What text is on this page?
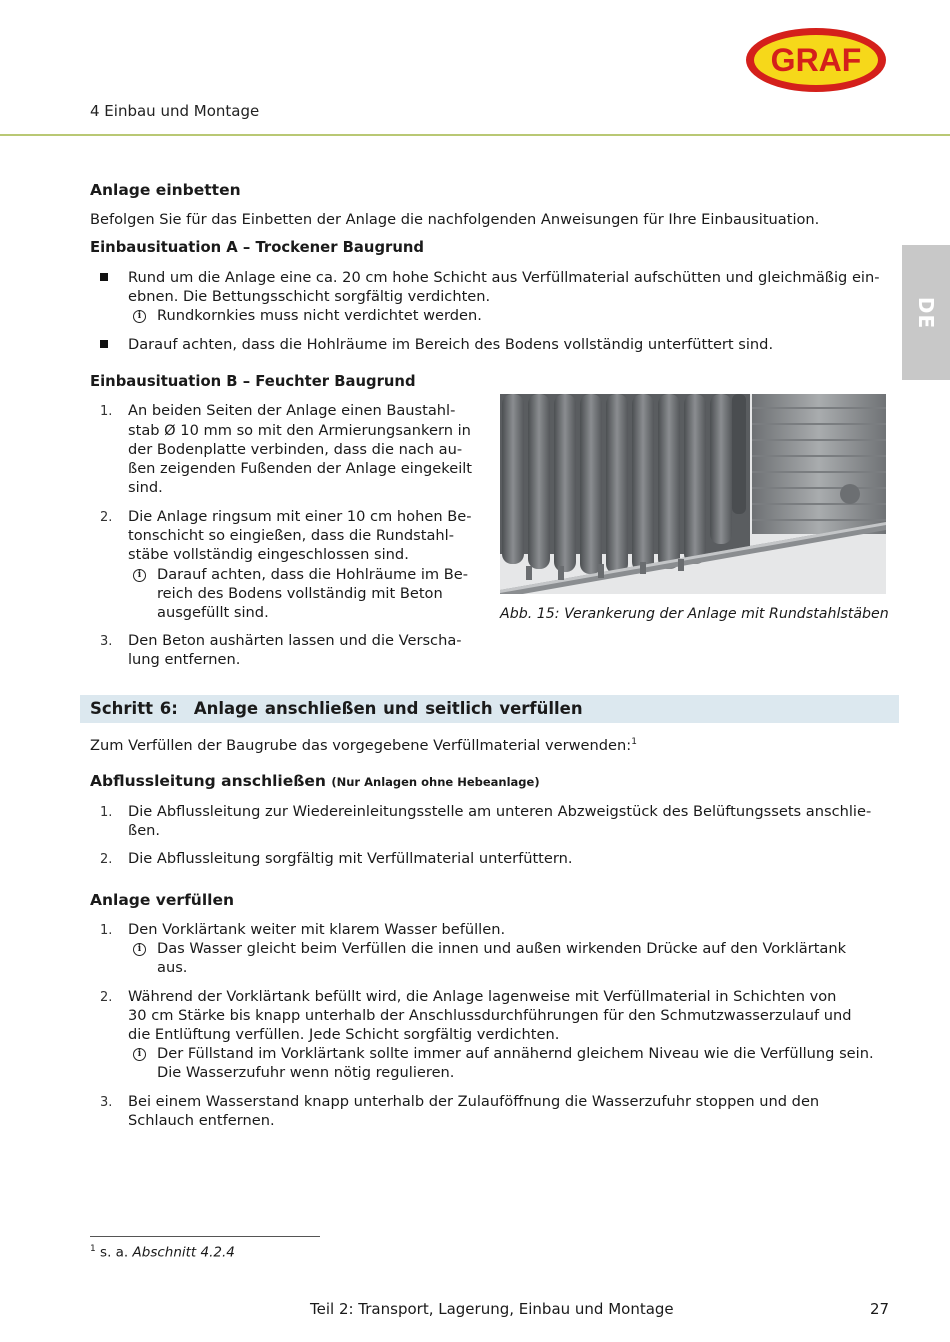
GRAF
4 Einbau und Montage
DE
Anlage einbetten
Befolgen Sie für das Einbetten der Anlage die nachfolgenden Anweisungen für Ihre Einbausituation.
Einbausituation A – Trockener Baugrund
Rund um die Anlage eine ca. 20 cm hohe Schicht aus Verfüllmaterial aufschütten und gleichmäßig ein-
ebnen. Die Bettungsschicht sorgfältig verdichten.
i	Rundkornkies muss nicht verdichtet werden.
Darauf achten, dass die Hohlräume im Bereich des Bodens vollständig unterfüttert sind.
Einbausituation B – Feuchter Baugrund
1. An beiden Seiten der Anlage einen Baustahl-
stab Ø 10 mm so mit den Armierungsankern in
der Bodenplatte verbinden, dass die nach au-
ßen zeigenden Fußenden der Anlage eingekeilt
sind.
2. Die Anlage ringsum mit einer 10 cm hohen Be-
tonschicht so eingießen, dass die Rundstahl-
stäbe vollständig eingeschlossen sind.
i	Darauf achten, dass die Hohlräume im Be-
reich des Bodens vollständig mit Beton
ausgefüllt sind.
3. Den Beton aushärten lassen und die Verscha-
lung entfernen.
Abb. 15: Verankerung der Anlage mit Rundstahlstäben
Schritt 6: Anlage anschließen und seitlich verfüllen
Zum Verfüllen der Baugrube das vorgegebene Verfüllmaterial verwenden:$^1$
Abflussleitung anschließen (Nur Anlagen ohne Hebeanlage)
1. Die Abflussleitung zur Wiedereinleitungsstelle am unteren Abzweigstück des Belüftungssets anschlie-
ßen.
2. Die Abflussleitung sorgfältig mit Verfüllmaterial unterfüttern.
Anlage verfüllen
1. Den Vorklärtank weiter mit klarem Wasser befüllen.
i	Das Wasser gleicht beim Verfüllen die innen und außen wirkenden Drücke auf den Vorklärtank
aus.
2. Während der Vorklärtank befüllt wird, die Anlage lagenweise mit Verfüllmaterial in Schichten von
30 cm Stärke bis knapp unterhalb der Anschlussdurchführungen für den Schmutzwasserzulauf und
die Entlüftung verfüllen. Jede Schicht sorgfältig verdichten.
i	Der Füllstand im Vorklärtank sollte immer auf annähernd gleichem Niveau wie die Verfüllung sein.
Die Wasserzufuhr wenn nötig regulieren.
3. Bei einem Wasserstand knapp unterhalb der Zulauföffnung die Wasserzufuhr stoppen und den
Schlauch entfernen.
$^1$ s. a. Abschnitt 4.2.4
Teil 2: Transport, Lagerung, Einbau und Montage	27
